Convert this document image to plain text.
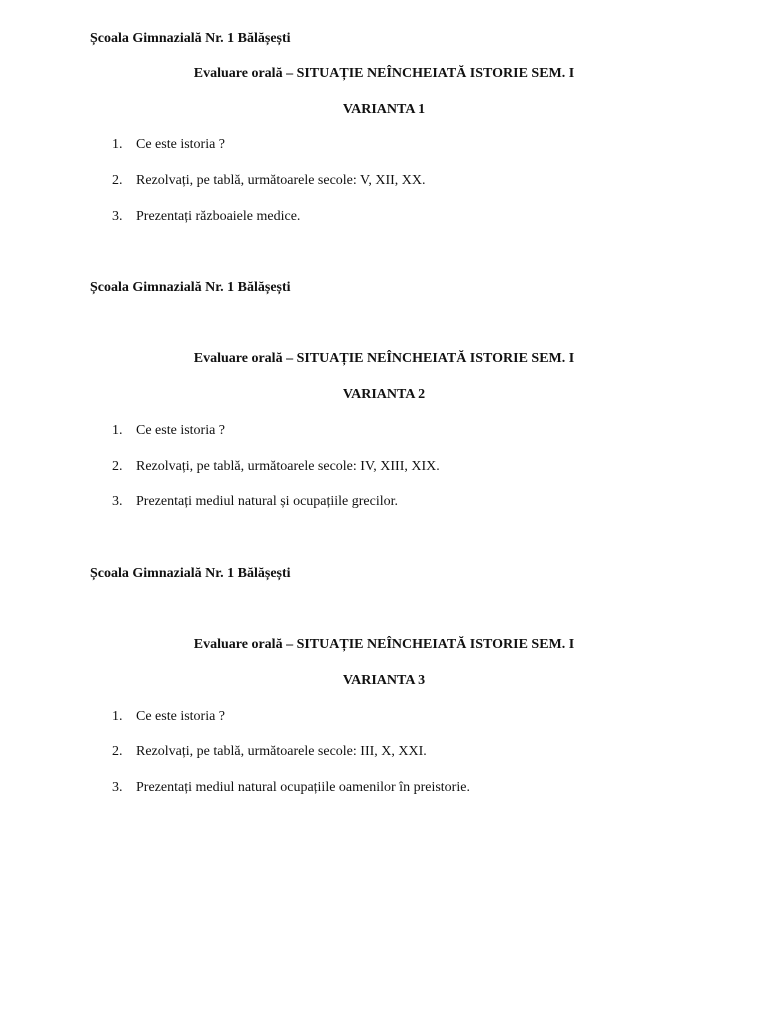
Școala Gimnazială Nr. 1 Bălășești
Evaluare orală – SITUAȚIE NEÎNCHEIATĂ ISTORIE SEM. I
VARIANTA 1
1. Ce este istoria ?
2. Rezolvați, pe tablă, următoarele secole: V, XII, XX.
3. Prezentați războaiele medice.
Școala Gimnazială Nr. 1 Bălășești
Evaluare orală – SITUAȚIE NEÎNCHEIATĂ ISTORIE SEM. I
VARIANTA 2
1. Ce este istoria ?
2. Rezolvați, pe tablă, următoarele secole: IV, XIII, XIX.
3. Prezentați mediul natural și ocupațiile grecilor.
Școala Gimnazială Nr. 1 Bălășești
Evaluare orală – SITUAȚIE NEÎNCHEIATĂ ISTORIE SEM. I
VARIANTA 3
1. Ce este istoria ?
2. Rezolvați, pe tablă, următoarele secole: III, X, XXI.
3. Prezentați mediul natural ocupațiile oamenilor în preistorie.
